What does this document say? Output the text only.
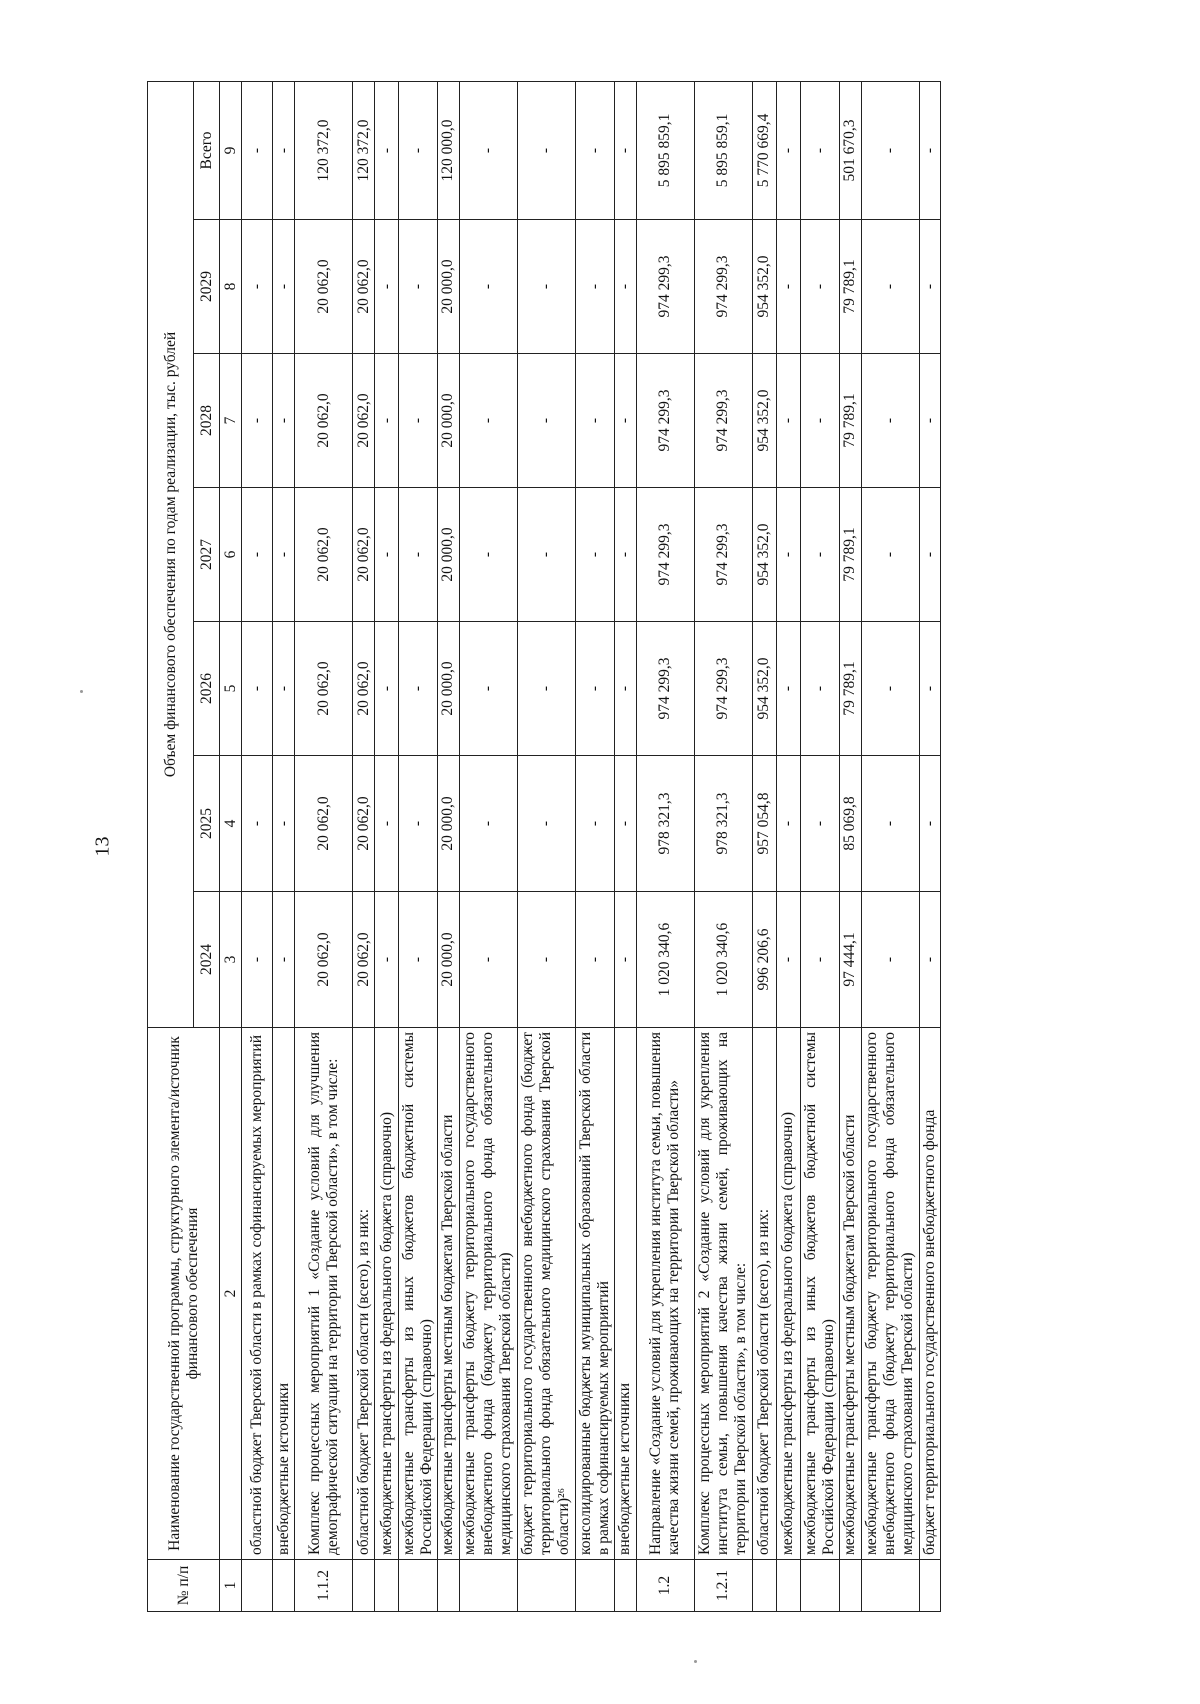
13
№ п/п	Наименование государственной программы, структурного элемента/источник финансового обеспечения	Объем финансового обеспечения по годам реализации, тыс. рублей						
		2024	2025	2026	2027	2028	2029	Всего
1	2	3	4	5	6	7	8	9
	областной бюджет Тверской области в рамках софинансируемых мероприятий	-	-	-	-	-	-	-
	внебюджетные источники	-	-	-	-	-	-	-
1.1.2	Комплекс процессных мероприятий 1 «Создание условий для улучшения демографической ситуации на территории Тверской области», в том числе:	20 062,0	20 062,0	20 062,0	20 062,0	20 062,0	20 062,0	120 372,0
	областной бюджет Тверской области (всего), из них:	20 062,0	20 062,0	20 062,0	20 062,0	20 062,0	20 062,0	120 372,0
	межбюджетные трансферты из федерального бюджета (справочно)	-	-	-	-	-	-	-
	межбюджетные трансферты из иных бюджетов бюджетной системы Российской Федерации (справочно)	-	-	-	-	-	-	-
	межбюджетные трансферты местным бюджетам Тверской области	20 000,0	20 000,0	20 000,0	20 000,0	20 000,0	20 000,0	120 000,0
	межбюджетные трансферты бюджету территориального государственного внебюджетного фонда (бюджету территориального фонда обязательного медицинского страхования Тверской области)	-	-	-	-	-	-	-
	бюджет территориального государственного внебюджетного фонда (бюджет территориального фонда обязательного медицинского страхования Тверской области)²⁶	-	-	-	-	-	-	-
	консолидированные бюджеты муниципальных образований Тверской области в рамках софинансируемых мероприятий	-	-	-	-	-	-	-
	внебюджетные источники	-	-	-	-	-	-	-
1.2	Направление «Создание условий для укрепления института семьи, повышения качества жизни семей, проживающих на территории Тверской области»	1 020 340,6	978 321,3	974 299,3	974 299,3	974 299,3	974 299,3	5 895 859,1
1.2.1	Комплекс процессных мероприятий 2 «Создание условий для укрепления института семьи, повышения качества жизни семей, проживающих на территории Тверской области», в том числе:	1 020 340,6	978 321,3	974 299,3	974 299,3	974 299,3	974 299,3	5 895 859,1
	областной бюджет Тверской области (всего), из них:	996 206,6	957 054,8	954 352,0	954 352,0	954 352,0	954 352,0	5 770 669,4
	межбюджетные трансферты из федерального бюджета (справочно)	-	-	-	-	-	-	-
	межбюджетные трансферты из иных бюджетов бюджетной системы Российской Федерации (справочно)	-	-	-	-	-	-	-
	межбюджетные трансферты местным бюджетам Тверской области	97 444,1	85 069,8	79 789,1	79 789,1	79 789,1	79 789,1	501 670,3
	межбюджетные трансферты бюджету территориального государственного внебюджетного фонда (бюджету территориального фонда обязательного медицинского страхования Тверской области)	-	-	-	-	-	-	-
	бюджет территориального государственного внебюджетного фонда	-	-	-	-	-	-	-
